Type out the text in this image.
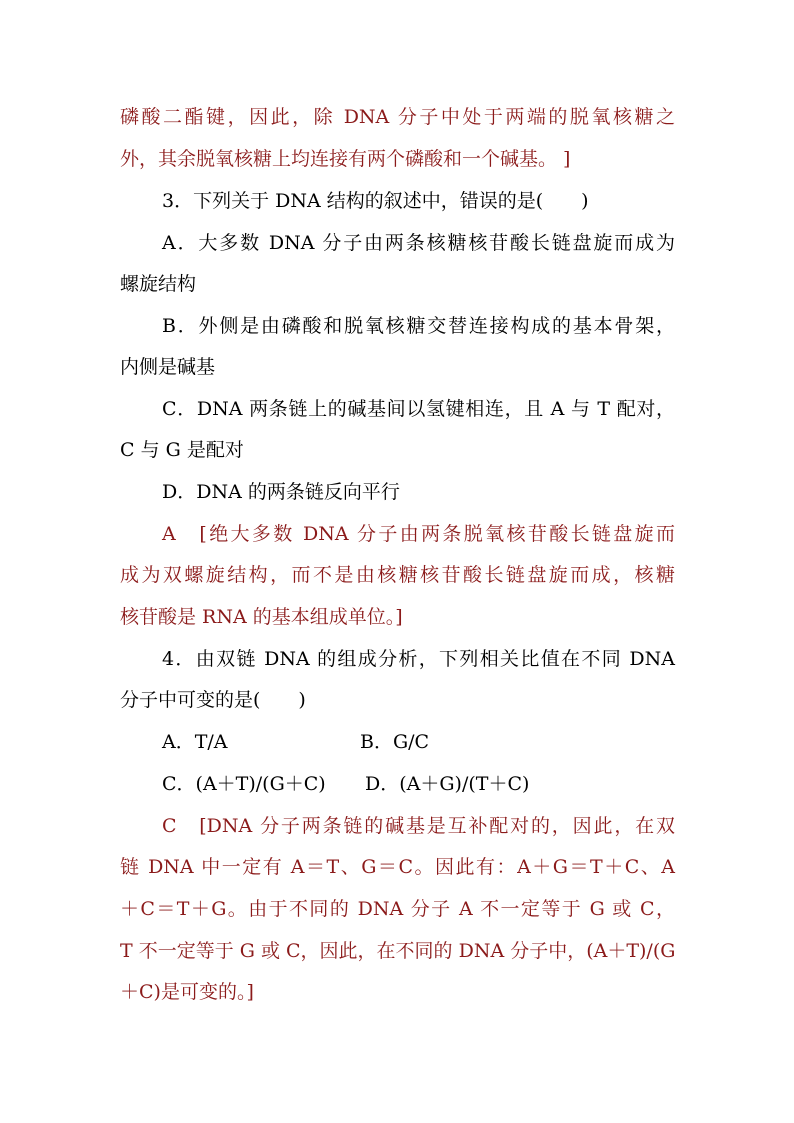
磷酸二酯键，因此，除 DNA 分子中处于两端的脱氧核糖之
外，其余脱氧核糖上均连接有两个磷酸和一个碱基。 ]
3．下列关于 DNA 结构的叙述中，错误的是(　　)
A．大多数 DNA 分子由两条核糖核苷酸长链盘旋而成为
螺旋结构
B．外侧是由磷酸和脱氧核糖交替连接构成的基本骨架，
内侧是碱基
C．DNA 两条链上的碱基间以氢键相连，且 A 与 T 配对，
C 与 G 是配对
D．DNA 的两条链反向平行
A　[绝大多数 DNA 分子由两条脱氧核苷酸长链盘旋而
成为双螺旋结构，而不是由核糖核苷酸长链盘旋而成，核糖
核苷酸是 RNA 的基本组成单位。]
4．由双链 DNA 的组成分析，下列相关比值在不同 DNA
分子中可变的是(　　)
A．T/A	B．G/C
C．(A＋T)/(G＋C) D．(A＋G)/(T＋C)
C　[DNA 分子两条链的碱基是互补配对的，因此，在双
链 DNA 中一定有 A＝T、G＝C。因此有：A＋G＝T＋C、A
＋C＝T＋G。由于不同的 DNA 分子 A 不一定等于 G 或 C，
T 不一定等于 G 或 C，因此，在不同的 DNA 分子中，(A＋T)/(G
＋C)是可变的。]
